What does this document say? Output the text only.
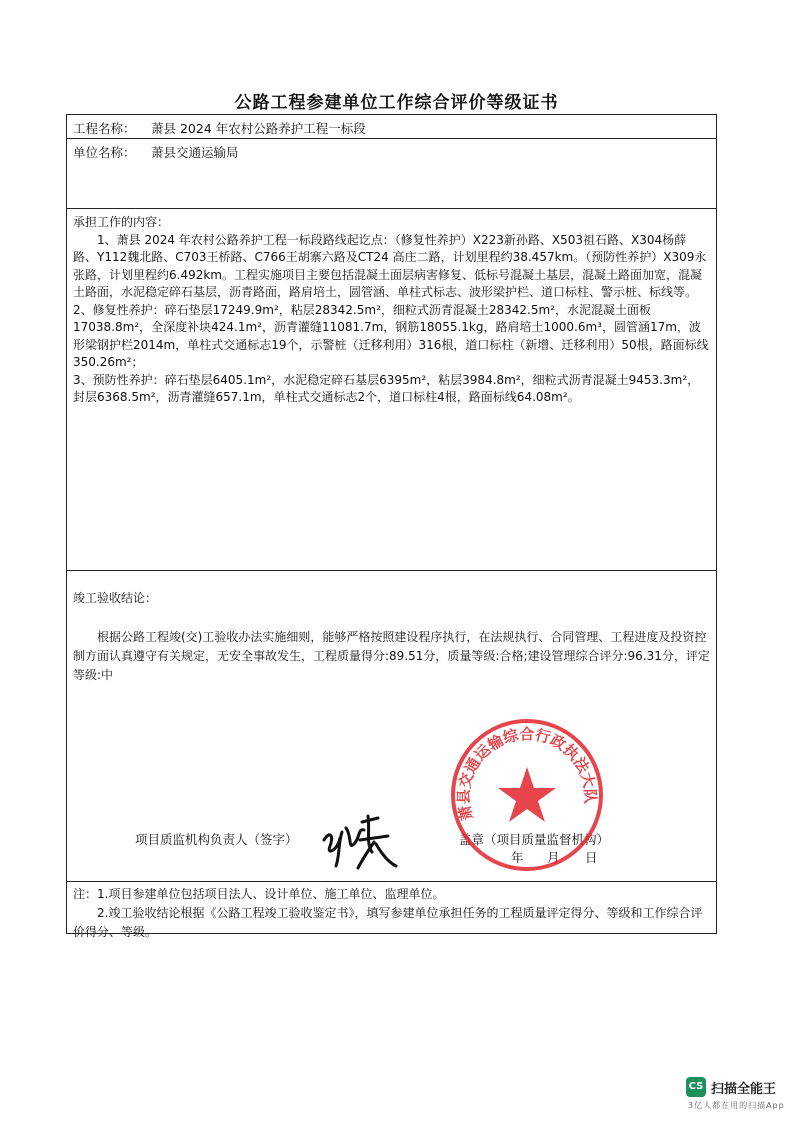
公路工程参建单位工作综合评价等级证书
工程名称： 萧县 2024 年农村公路养护工程一标段
单位名称： 萧县交通运输局

承担工作的内容：

1、萧县 2024 年农村公路养护工程一标段路线起讫点：（修复性养护）X223新孙路、X503祖石路、X304杨薛路、Y112魏北路、C703王桥路、C766王胡寨六路及CT24 高庄二路，计划里程约38.457km。（预防性养护）X309永张路，计划里程约6.492km。工程实施项目主要包括混凝土面层病害修复、低标号混凝土基层，混凝土路面加宽，混凝土路面，水泥稳定碎石基层，沥青路面，路肩培土，圆管涵、单柱式标志、波形梁护栏、道口标柱、警示桩、标线等。

2、修复性养护：碎石垫层17249.9m²，粘层28342.5m²，细粒式沥青混凝土28342.5m²，水泥混凝土面板17038.8m²，全深度补块424.1m²，沥青灌缝11081.7m，钢筋18055.1kg，路肩培土1000.6m³，圆管涵17m，波形梁钢护栏2014m，单柱式交通标志19个，示警桩（迁移利用）316根，道口标柱（新增、迁移利用）50根，路面标线350.26m²；

3、预防性养护：碎石垫层6405.1m²，水泥稳定碎石基层6395m²，粘层3984.8m²，细粒式沥青混凝土9453.3m²，封层6368.5m²，沥青灌缝657.1m，单柱式交通标志2个，道口标柱4根，路面标线64.08m²。

竣工验收结论：
根据公路工程竣(交)工验收办法实施细则，能够严格按照建设程序执行，在法规执行、合同管理、工程进度及投资控制方面认真遵守有关规定，无安全事故发生，工程质量得分:89.51分，质量等级:合格;建设管理综合评分:96.31分，评定等级:中

注：1.项目参建单位包括项目法人、设计单位、施工单位、监理单位。

2.竣工验收结论根据《公路工程竣工验收鉴定书》，填写参建单位承担任务的工程质量评定得分、等级和工作综合评价得分、等级。

项目质监机构负责人（签字）	盖章（项目质量监督机构）
年 月 日
萧县交通运输综合行政执法大队
CS 扫描全能王
3亿人都在用的扫描App
